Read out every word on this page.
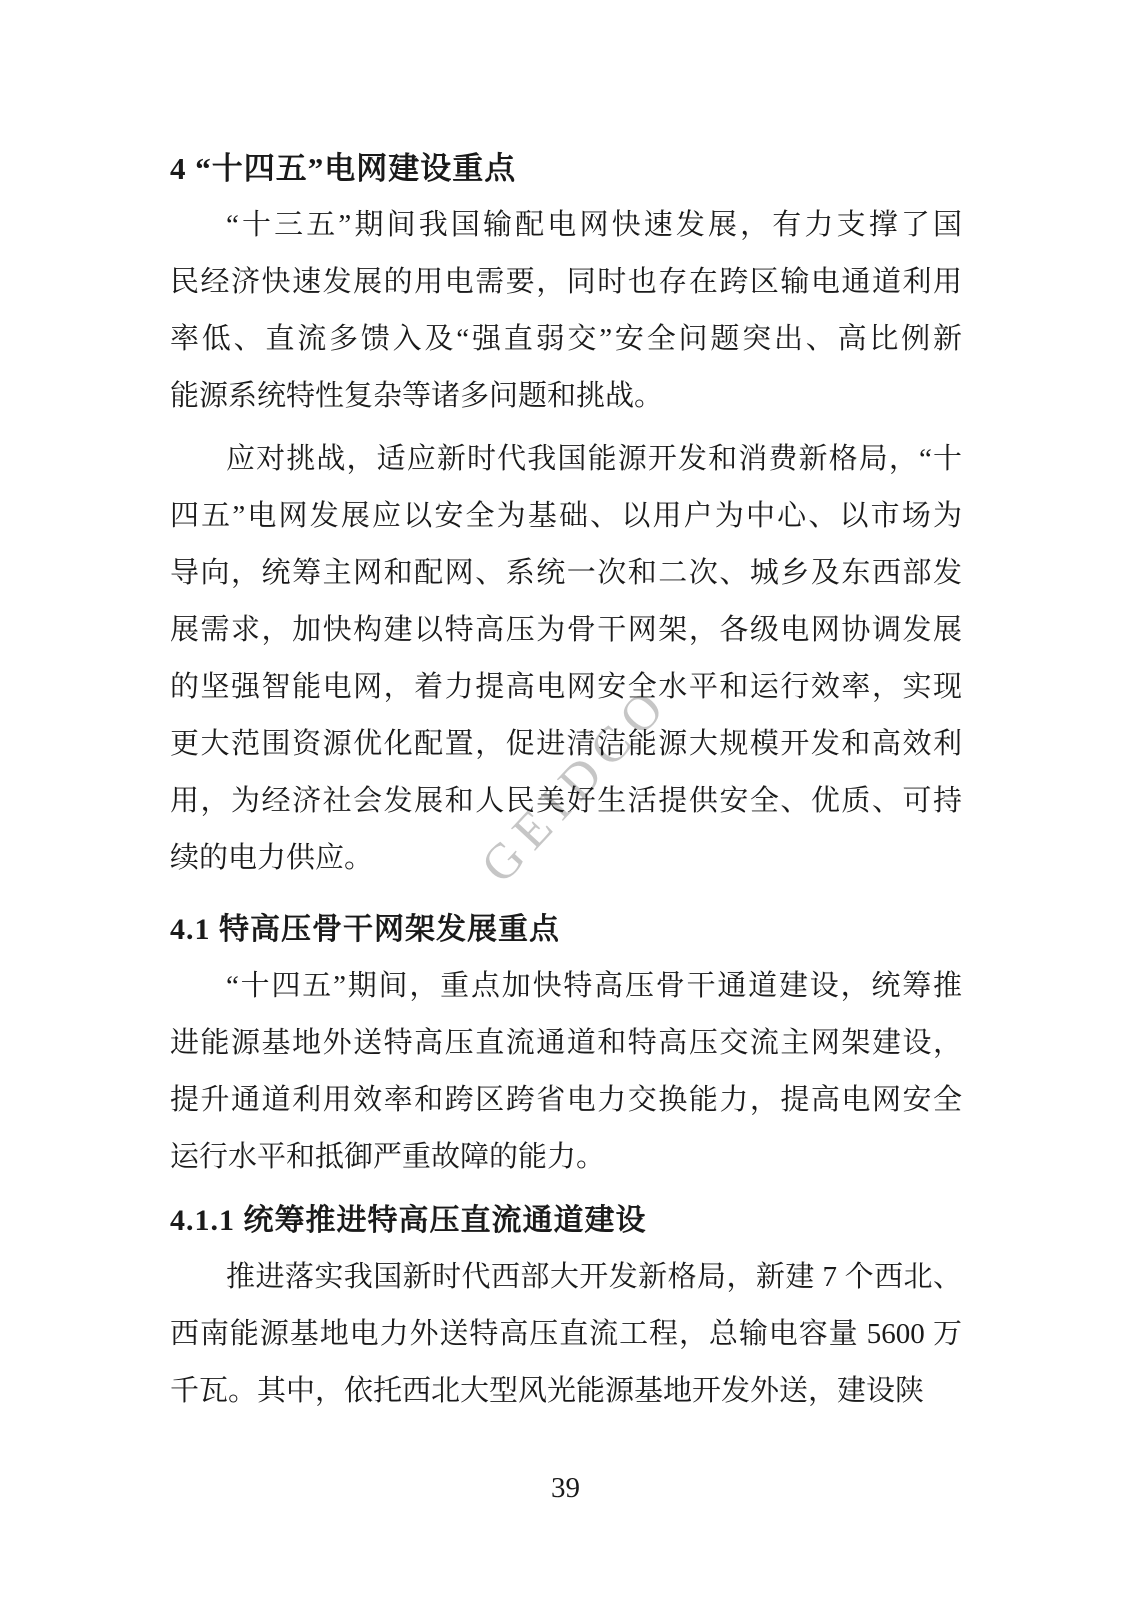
GEIDCO
4 “十四五”电网建设重点
“十三五”期间我国输配电网快速发展，有力支撑了国
民经济快速发展的用电需要，同时也存在跨区输电通道利用
率低、直流多馈入及“强直弱交”安全问题突出、高比例新
能源系统特性复杂等诸多问题和挑战。
应对挑战，适应新时代我国能源开发和消费新格局，“十
四五”电网发展应以安全为基础、以用户为中心、以市场为
导向，统筹主网和配网、系统一次和二次、城乡及东西部发
展需求，加快构建以特高压为骨干网架，各级电网协调发展
的坚强智能电网，着力提高电网安全水平和运行效率，实现
更大范围资源优化配置，促进清洁能源大规模开发和高效利
用，为经济社会发展和人民美好生活提供安全、优质、可持
续的电力供应。
4.1 特高压骨干网架发展重点
“十四五”期间，重点加快特高压骨干通道建设，统筹推
进能源基地外送特高压直流通道和特高压交流主网架建设，
提升通道利用效率和跨区跨省电力交换能力，提高电网安全
运行水平和抵御严重故障的能力。
4.1.1 统筹推进特高压直流通道建设
推进落实我国新时代西部大开发新格局，新建 7 个西北、
西南能源基地电力外送特高压直流工程，总输电容量 5600 万
千瓦。其中，依托西北大型风光能源基地开发外送，建设陕
39
